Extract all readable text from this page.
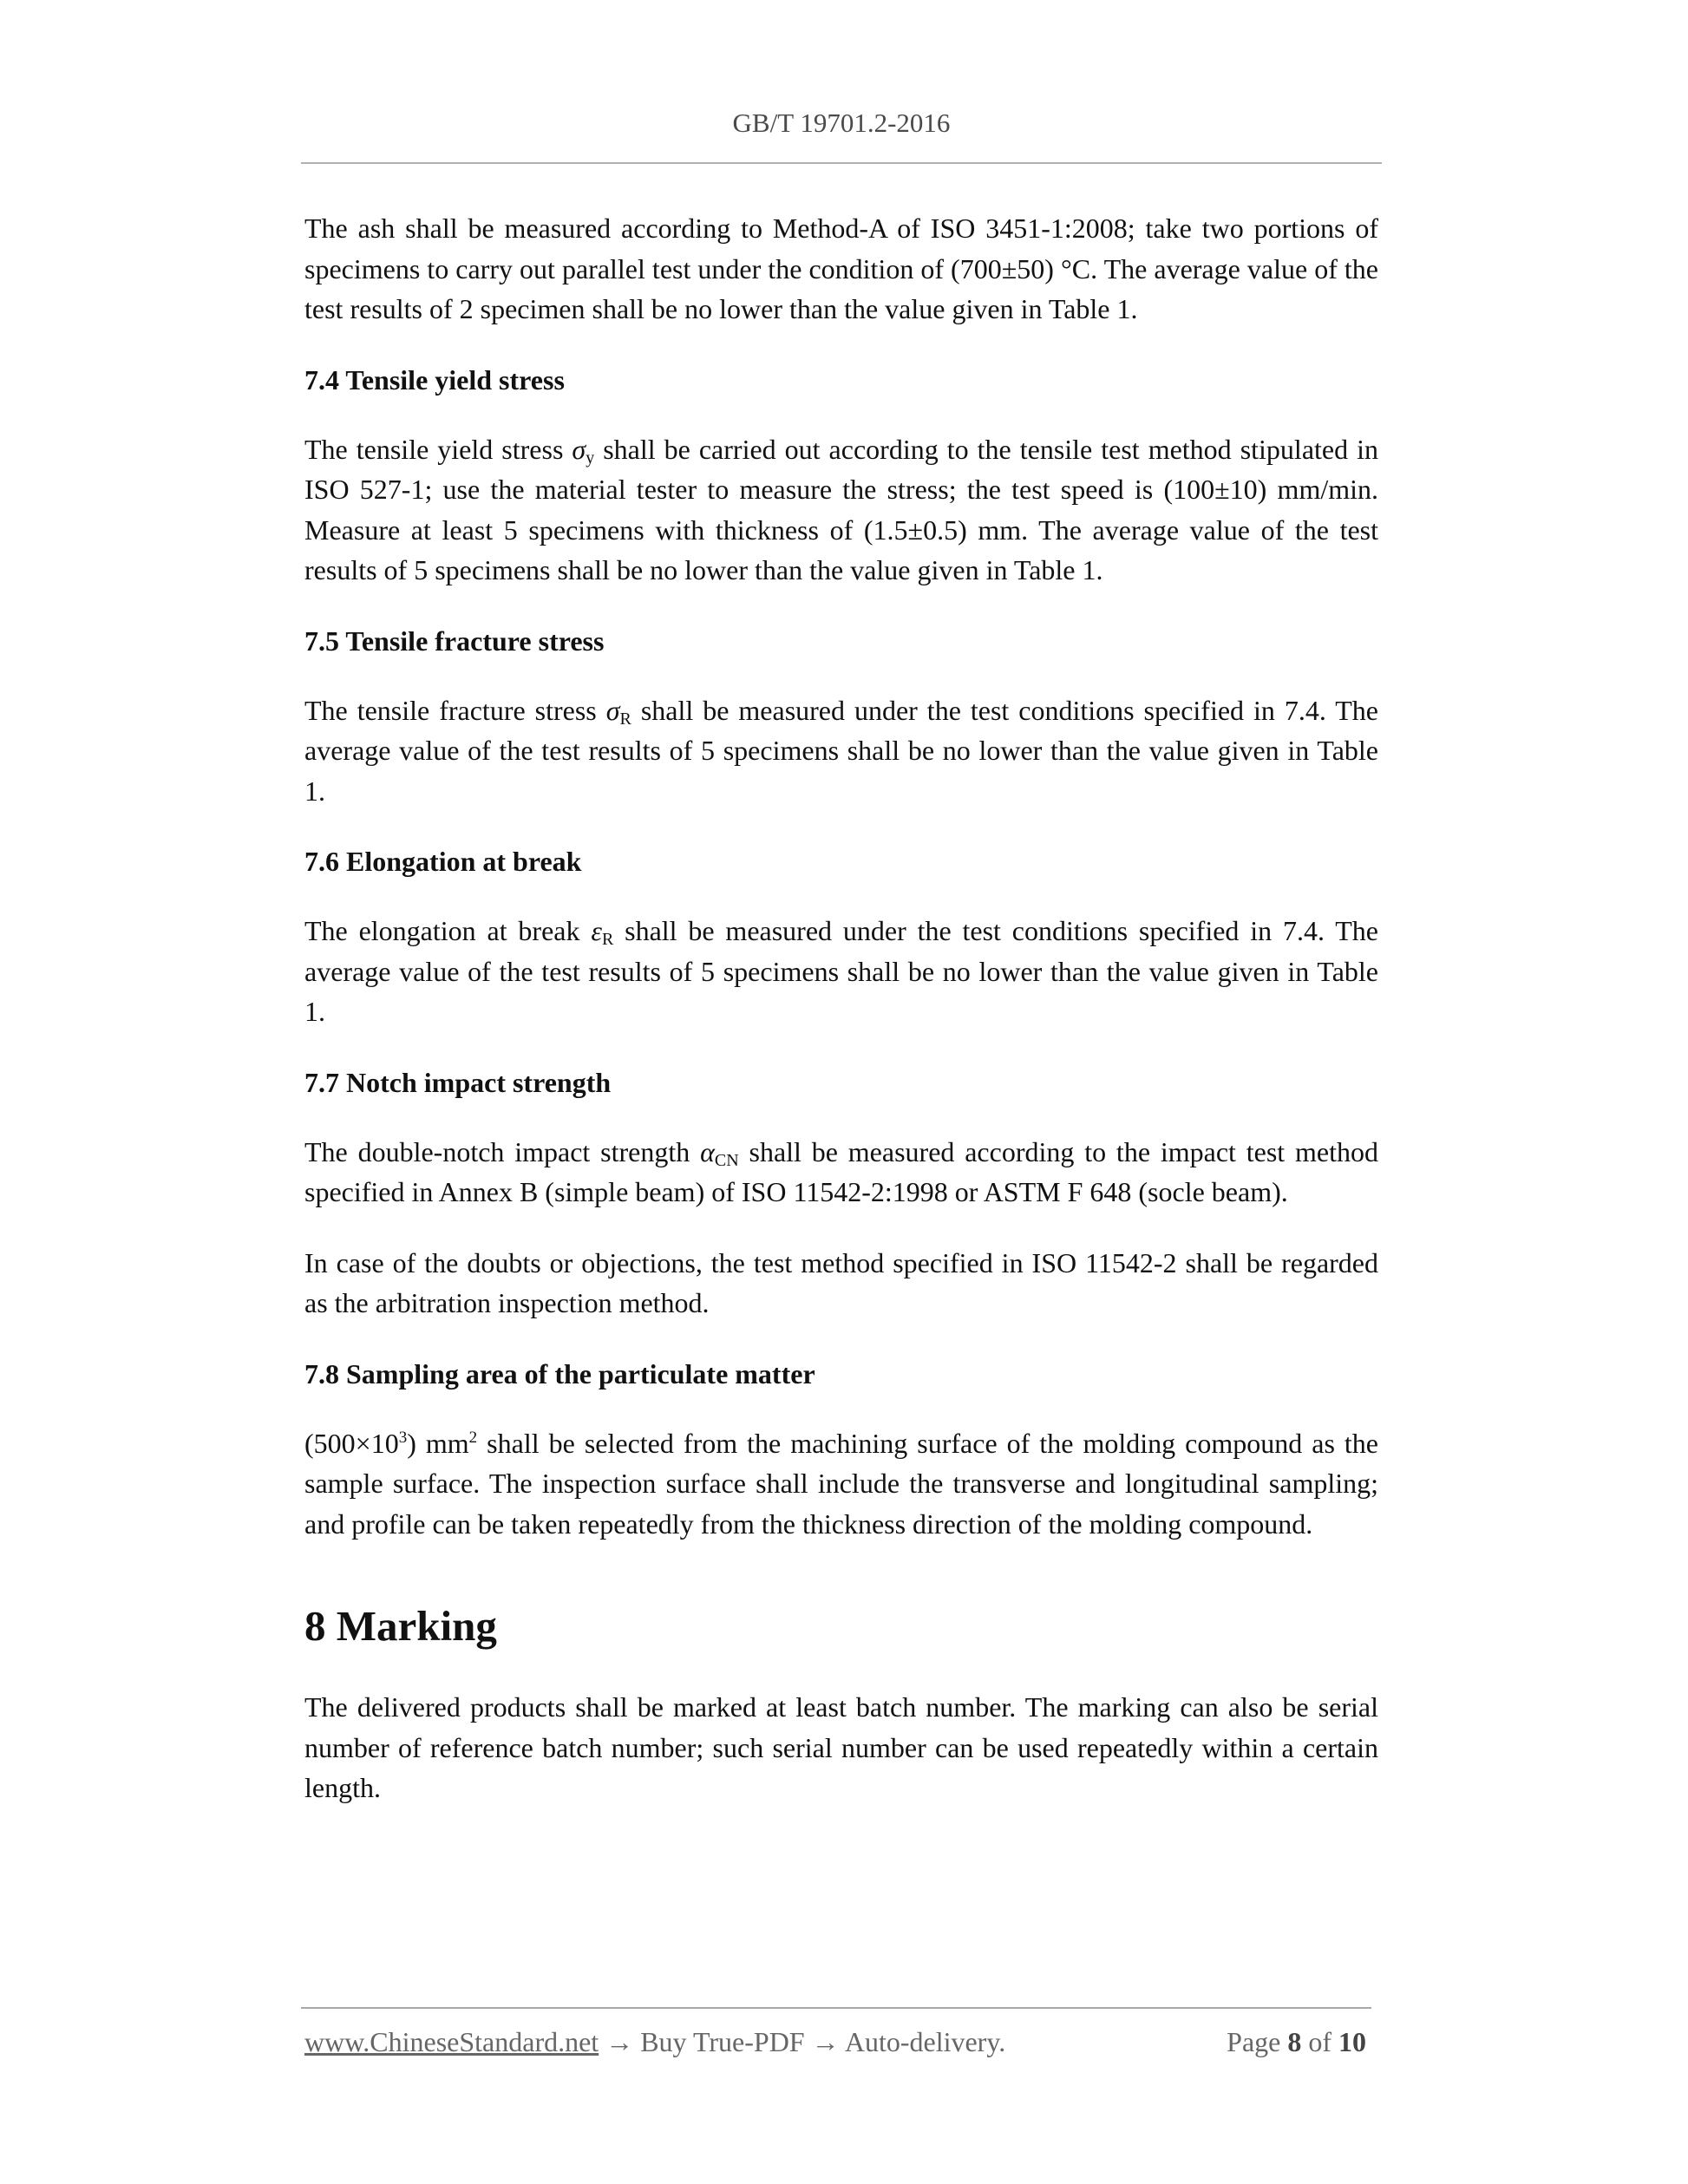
GB/T 19701.2-2016

The ash shall be measured according to Method-A of ISO 3451-1:2008; take two portions of specimens to carry out parallel test under the condition of (700±50) °C. The average value of the test results of 2 specimen shall be no lower than the value given in Table 1.

7.4 Tensile yield stress

The tensile yield stress $\sigma_y$ shall be carried out according to the tensile test method stipulated in ISO 527-1; use the material tester to measure the stress; the test speed is (100±10) mm/min. Measure at least 5 specimens with thickness of (1.5±0.5) mm. The average value of the test results of 5 specimens shall be no lower than the value given in Table 1.

7.5 Tensile fracture stress

The tensile fracture stress $\sigma_R$ shall be measured under the test conditions specified in 7.4. The average value of the test results of 5 specimens shall be no lower than the value given in Table 1.

7.6 Elongation at break

The elongation at break $\varepsilon_R$ shall be measured under the test conditions specified in 7.4. The average value of the test results of 5 specimens shall be no lower than the value given in Table 1.

7.7 Notch impact strength

The double-notch impact strength $\alpha_{CN}$ shall be measured according to the impact test method specified in Annex B (simple beam) of ISO 11542-2:1998 or ASTM F 648 (socle beam).

In case of the doubts or objections, the test method specified in ISO 11542-2 shall be regarded as the arbitration inspection method.

7.8 Sampling area of the particulate matter

$(500\times 10^3)$ $mm^2$ shall be selected from the machining surface of the molding compound as the sample surface. The inspection surface shall include the transverse and longitudinal sampling; and profile can be taken repeatedly from the thickness direction of the molding compound.

8 Marking

The delivered products shall be marked at least batch number. The marking can also be serial number of reference batch number; such serial number can be used repeatedly within a certain length.

www.ChineseStandard.net → Buy True-PDF → Auto-delivery.	Page 8 of 10
